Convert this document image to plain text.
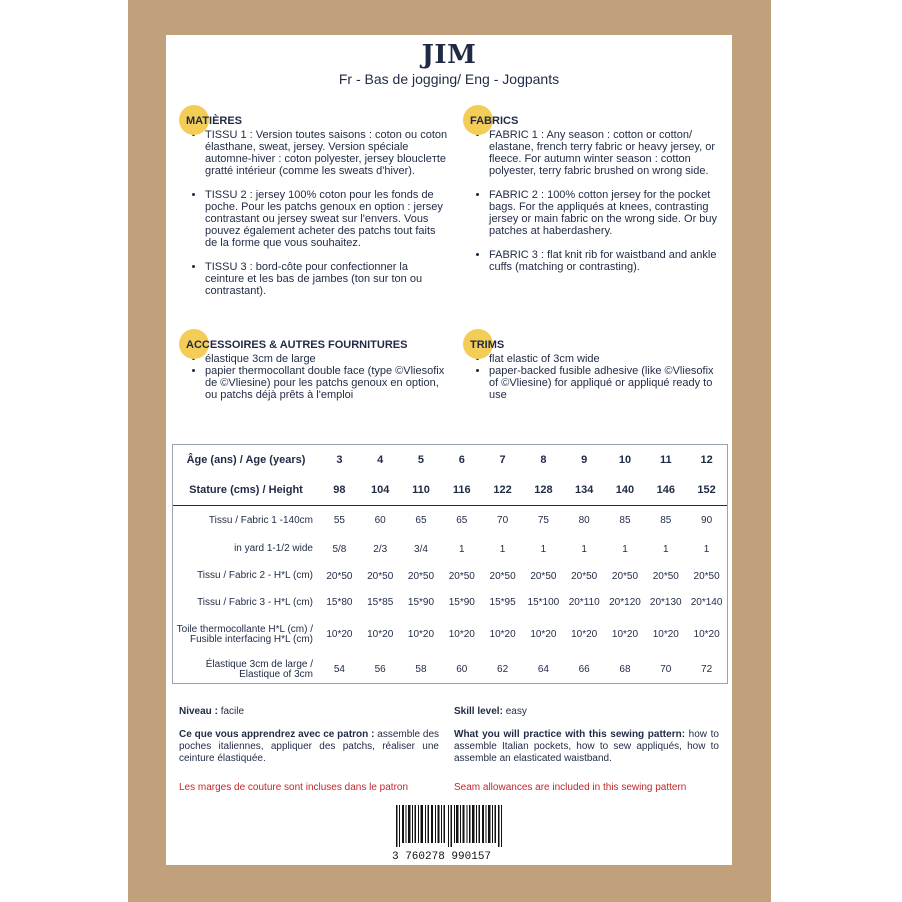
JIM
Fr - Bas de jogging/ Eng - Jogpants
MATIÈRES
• TISSU 1 : Version toutes saisons : coton ou coton élasthane, sweat, jersey. Version spéciale automne-hiver : coton polyester, jersey bloucleтte gratté intérieur (comme les sweats d'hiver).
• TISSU 2 : jersey 100% coton pour les fonds de poche. Pour les patchs genoux en option : jersey contrastant ou jersey sweat sur l'envers. Vous pouvez également acheter des patchs tout faits de la forme que vous souhaitez.
• TISSU 3 : bord-côte pour confectionner la ceinture et les bas de jambes (ton sur ton ou contrastant).
ACCESSOIRES & AUTRES FOURNITURES
• élastique 3cm de large
• papier thermocollant double face (type ©Vliesofix de ©Vliesine) pour les patchs genoux en option, ou patchs déjà prêts à l'emploi
FABRICS
• FABRIC 1 : Any season : cotton or cotton/ elastane, french terry fabric or heavy jersey, or fleece. For autumn winter season : cotton polyester, terry fabric brushed on wrong side.
• FABRIC 2 : 100% cotton jersey for the pocket bags. For the appliqués at knees, contrasting jersey or main fabric on the wrong side. Or buy patches at haberdashery.
• FABRIC 3 : flat knit rib for waistband and ankle cuffs (matching or contrasting).
TRIMS
• flat elastic of 3cm wide
• paper-backed fusible adhesive (like ©Vliesofix of ©Vliesine) for appliqué or appliqué ready to use
Âge (ans) / Age (years)	3	4	5	6	7	8	9	10	11	12
Stature (cms) / Height	98	104	110	116	122	128	134	140	146	152
Tissu / Fabric 1 -140cm	55	60	65	65	70	75	80	85	85	90
in yard 1-1/2 wide	5/8	2/3	3/4	1	1	1	1	1	1	1
Tissu / Fabric 2 - H*L (cm)	20*50	20*50	20*50	20*50	20*50	20*50	20*50	20*50	20*50	20*50
Tissu / Fabric 3 - H*L (cm)	15*80	15*85	15*90	15*90	15*95	15*100	20*110	20*120	20*130	20*140
Toile thermocollante H*L (cm) / Fusible interfacing H*L (cm)	10*20	10*20	10*20	10*20	10*20	10*20	10*20	10*20	10*20	10*20
Élastique 3cm de large / Elastique of 3cm	54	56	58	60	62	64	66	68	70	72
Niveau : facile	Skill level: easy
Ce que vous apprendrez avec ce patron : assemble des poches italiennes, appliquer des patchs, réaliser une ceinture élastiquée.
What you will practice with this sewing pattern: how to assemble Italian pockets, how to sew appliqués, how to assemble an elasticated waistband.
Les marges de couture sont incluses dans le patron	Seam allowances are included in this sewing pattern
3 760278 990157
